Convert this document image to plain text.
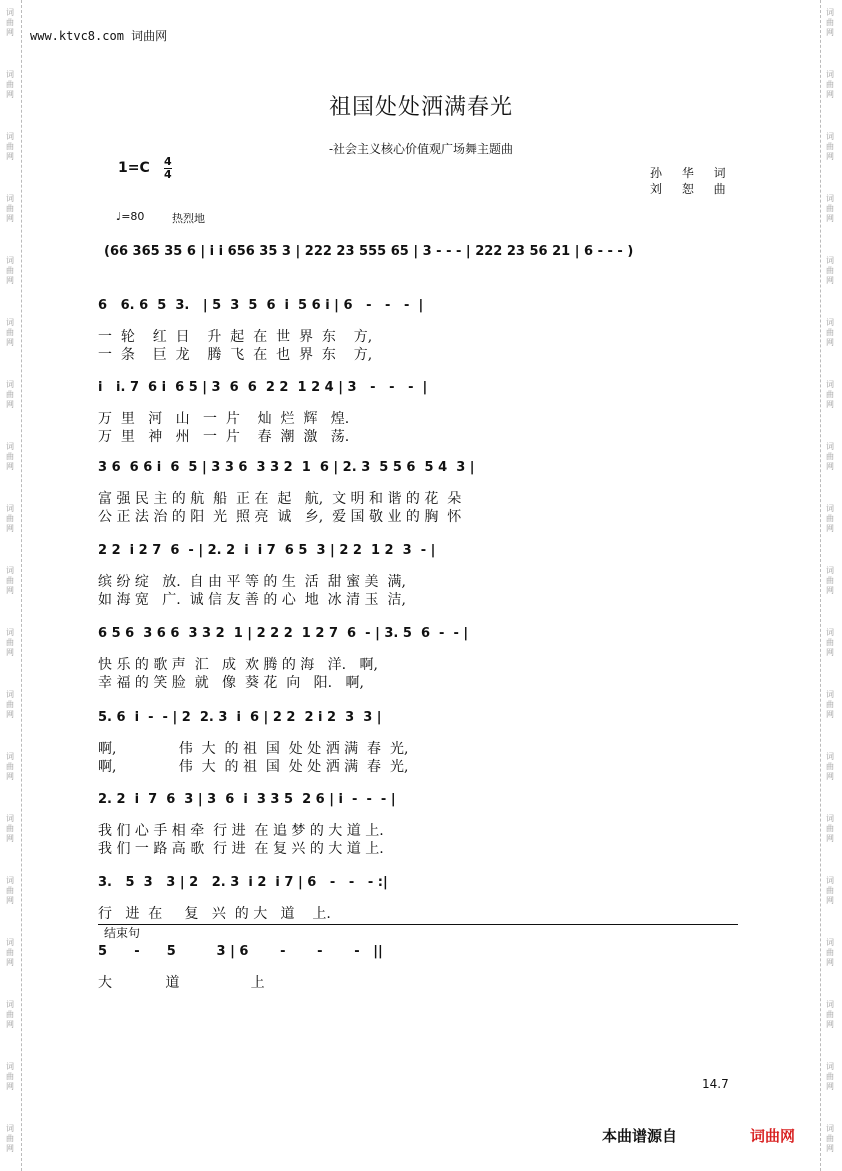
词
曲
网
词
曲
网
词
曲
网
词
曲
网
词
曲
网
词
曲
网
词
曲
网
词
曲
网
词
曲
网
词
曲
网
词
曲
网
词
曲
网
词
曲
网
词
曲
网
词
曲
网
词
曲
网
词
曲
网
词
曲
网
词
曲
网
词
曲
网
词
曲
网
词
曲
网
词
曲
网
词
曲
网
词
曲
网
词
曲
网
词
曲
网
词
曲
网
词
曲
网
词
曲
网
词
曲
网
词
曲
网
词
曲
网
词
曲
网
词
曲
网
词
曲
网
词
曲
网
词
曲
网
www.ktvc8.com 词曲网
祖国处处洒满春光
-社会主义核心价值观广场舞主题曲
1=C 4
4	孙 华 词
刘 恕 曲
♩=80	热烈地
(66 365 35 6 | i i 656 35 3 | 222 23 555 65 | 3 - - - | 222 23 56 21 | 6 - - - )
6   6. 6  5  3.   | 5  3  5  6  i  5 6 i | 6   -   -   -  |
一  轮    红  日    升  起  在  世  界  东    方,
一  条    巨  龙    腾  飞  在  也  界  东    方,
i   i. 7  6 i  6 5 | 3  6  6  2 2  1 2 4 | 3   -   -   -  |
万  里   河   山   一  片    灿  烂  辉   煌.
万  里   神   州   一  片    春  潮  激   荡.
3 6  6 6 i  6  5 | 3 3 6  3 3 2  1  6 | 2. 3  5 5 6  5 4  3 |
富 强 民 主 的 航  船  正 在  起   航,  文 明 和 谐 的 花  朵
公 正 法 治 的 阳  光  照 亮  诚   乡,  爱 国 敬 业 的 胸  怀
2 2  i 2 7  6  - | 2. 2  i  i 7  6 5  3 | 2 2  1 2  3  - |
缤 纷 绽   放.  自 由 平 等 的 生  活  甜 蜜 美  满,
如 海 宽   广.  诚 信 友 善 的 心  地  冰 清 玉  洁,
6 5 6  3 6 6  3 3 2  1 | 2 2 2  1 2 7  6  - | 3. 5  6  -  - |
快 乐 的 歌 声  汇   成  欢 腾 的 海   洋.   啊,
幸 福 的 笑 脸  就   像  葵 花  向   阳.   啊,
5. 6  i  -  - | 2  2. 3  i  6 | 2 2  2 i 2  3  3 |
啊,              伟  大  的 祖  国  处 处 洒 满  春  光,
啊,              伟  大  的 祖  国  处 处 洒 满  春  光,
2. 2  i  7  6  3 | 3  6  i  3 3 5  2 6 | i  -  -  - |
我 们 心 手 相 牵  行 进  在 追 梦 的 大 道 上.
我 们 一 路 高 歌  行 进  在 复 兴 的 大 道 上.
3.   5  3   3 | 2   2. 3  i 2  i 7 | 6   -   -   - :|
行   进  在     复   兴  的 大   道    上.
5      -      5         3 | 6       -       -       -   ||
大            道                上
结束句
14.7
本曲谱源自	词曲网
